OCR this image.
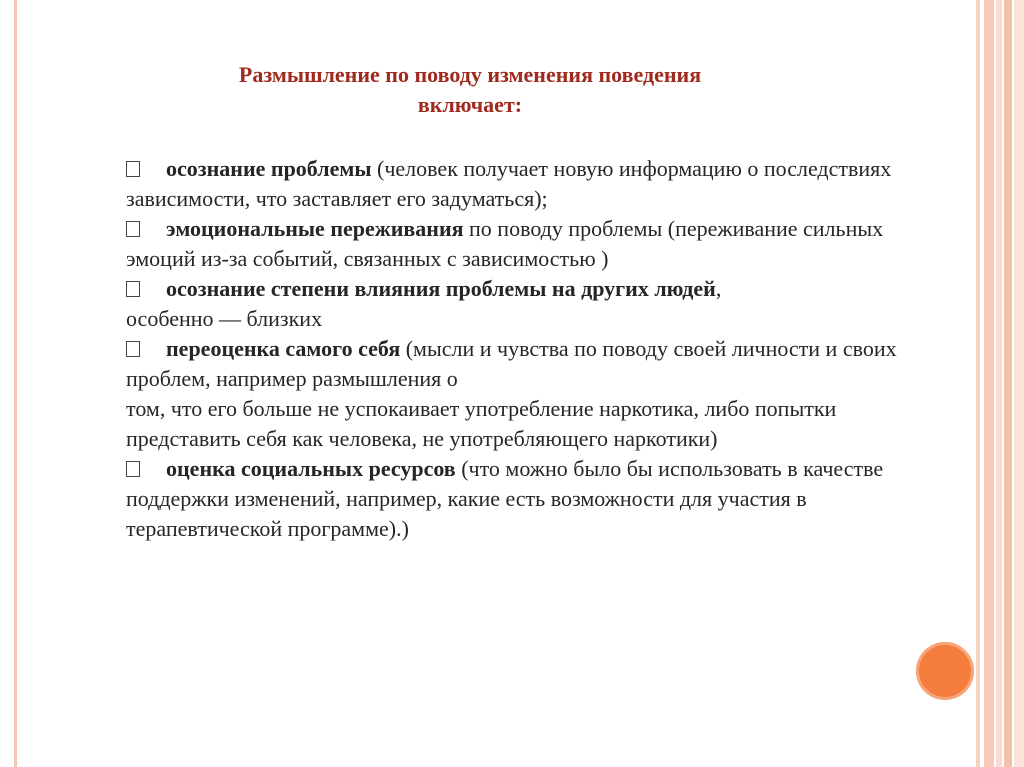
Размышление по поводу изменения поведения
включает:

осознание проблемы (человек получает новую информацию о последствиях зависимости, что заставляет его задуматься);

эмоциональные переживания по поводу проблемы (переживание сильных эмоций из-за событий, связанных с зависимостью )

осознание степени влияния проблемы на других людей,
особенно — близких

переоценка самого себя (мысли и чувства по поводу своей личности и своих проблем, например размышления о
том, что его больше не успокаивает употребление наркотика, либо попытки представить себя как человека, не употребляющего наркотики)

оценка социальных ресурсов (что можно было бы использовать в качестве поддержки изменений, например, какие есть возможности для участия в терапевтической программе).)
